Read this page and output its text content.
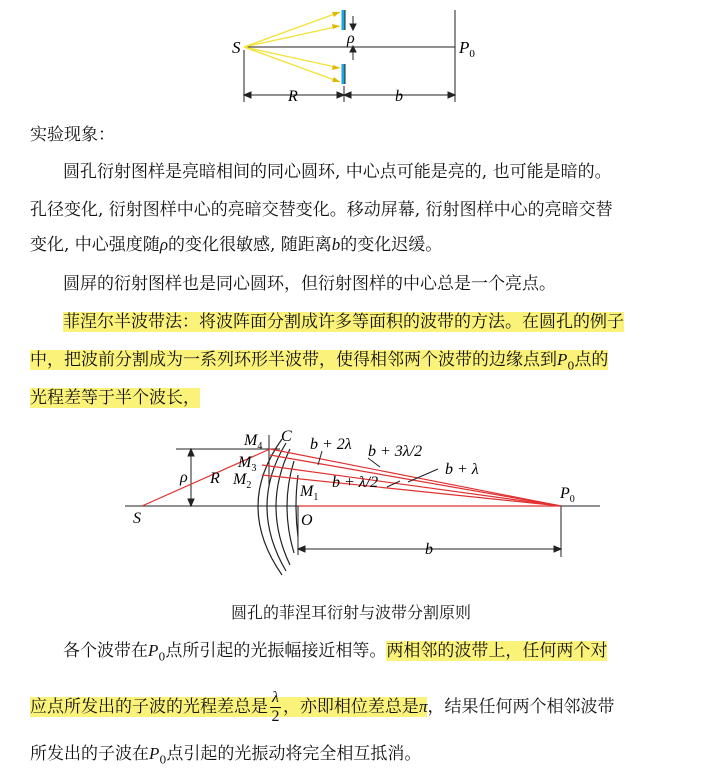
S	ρ	$P_0$
R	b
实验现象：
圆孔衍射图样是亮暗相间的同心圆环, 中心点可能是亮的, 也可能是暗的。
孔径变化, 衍射图样中心的亮暗交替变化。移动屏幕, 衍射图样中心的亮暗交替
变化, 中心强度随ρ的变化很敏感, 随距离b的变化迟缓。
圆屏的衍射图样也是同心圆环，但衍射图样的中心总是一个亮点。
菲涅尔半波带法：将波阵面分割成许多等面积的波带的方法。在圆孔的例子
中，把波前分割成为一系列环形半波带，使得相邻两个波带的边缘点到$P_0$点的
光程差等于半个波长，
$M_4$
C
$M_3$
$M_2$	$M_1$
ρ R
S	O
$P_0$
b + 2λ b + 3λ/2
b + λ
b + λ/2
b
圆孔的菲涅耳衍射与波带分割原则
各个波带在$P_0$点所引起的光振幅接近相等。两相邻的波带上，任何两个对
应点所发出的子波的光程差总是 $\frac{\lambda}{2}$ ，亦即相位差总是π，结果任何两个相邻波带
所发出的子波在$P_0$点引起的光振动将完全相互抵消。
